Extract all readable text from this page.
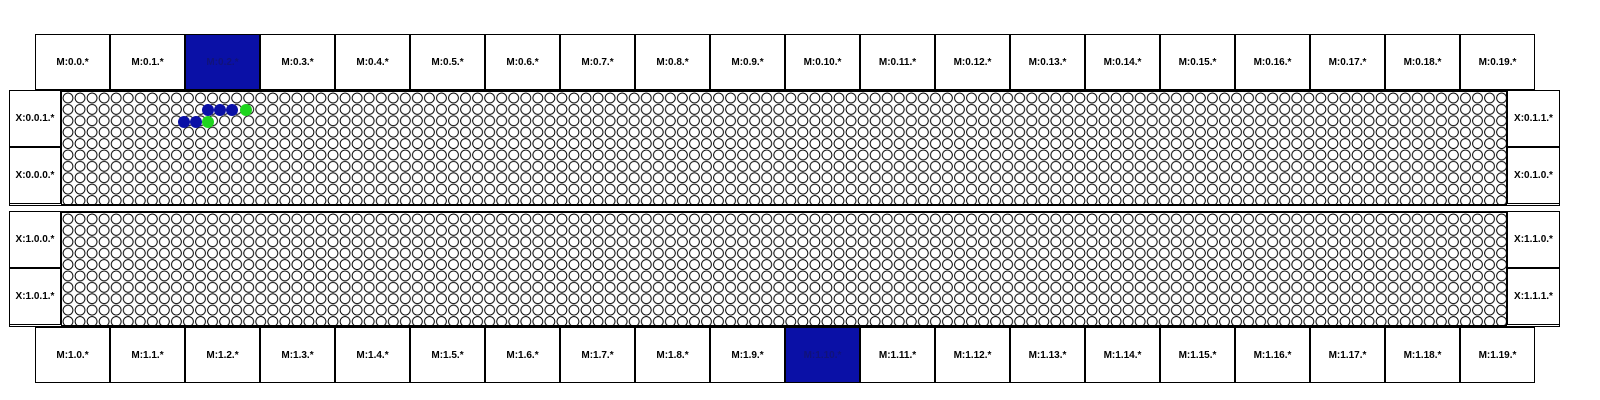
M:0.0.*	M:0.1.*	M:0.2.*	M:0.3.*	M:0.4.*	M:0.5.*	M:0.6.*	M:0.7.*	M:0.8.*	M:0.9.*	M:0.10.*	M:0.11.*	M:0.12.*	M:0.13.*	M:0.14.*	M:0.15.*	M:0.16.*	M:0.17.*	M:0.18.*	M:0.19.*
M:1.0.*	M:1.1.*	M:1.2.*	M:1.3.*	M:1.4.*	M:1.5.*	M:1.6.*	M:1.7.*	M:1.8.*	M:1.9.*	M:1.10.*	M:1.11.*	M:1.12.*	M:1.13.*	M:1.14.*	M:1.15.*	M:1.16.*	M:1.17.*	M:1.18.*	M:1.19.*
X:0.0.1.*
X:0.0.0.*
X:0.1.1.*
X:0.1.0.*
X:1.0.0.*
X:1.0.1.*
X:1.1.0.*
X:1.1.1.*
